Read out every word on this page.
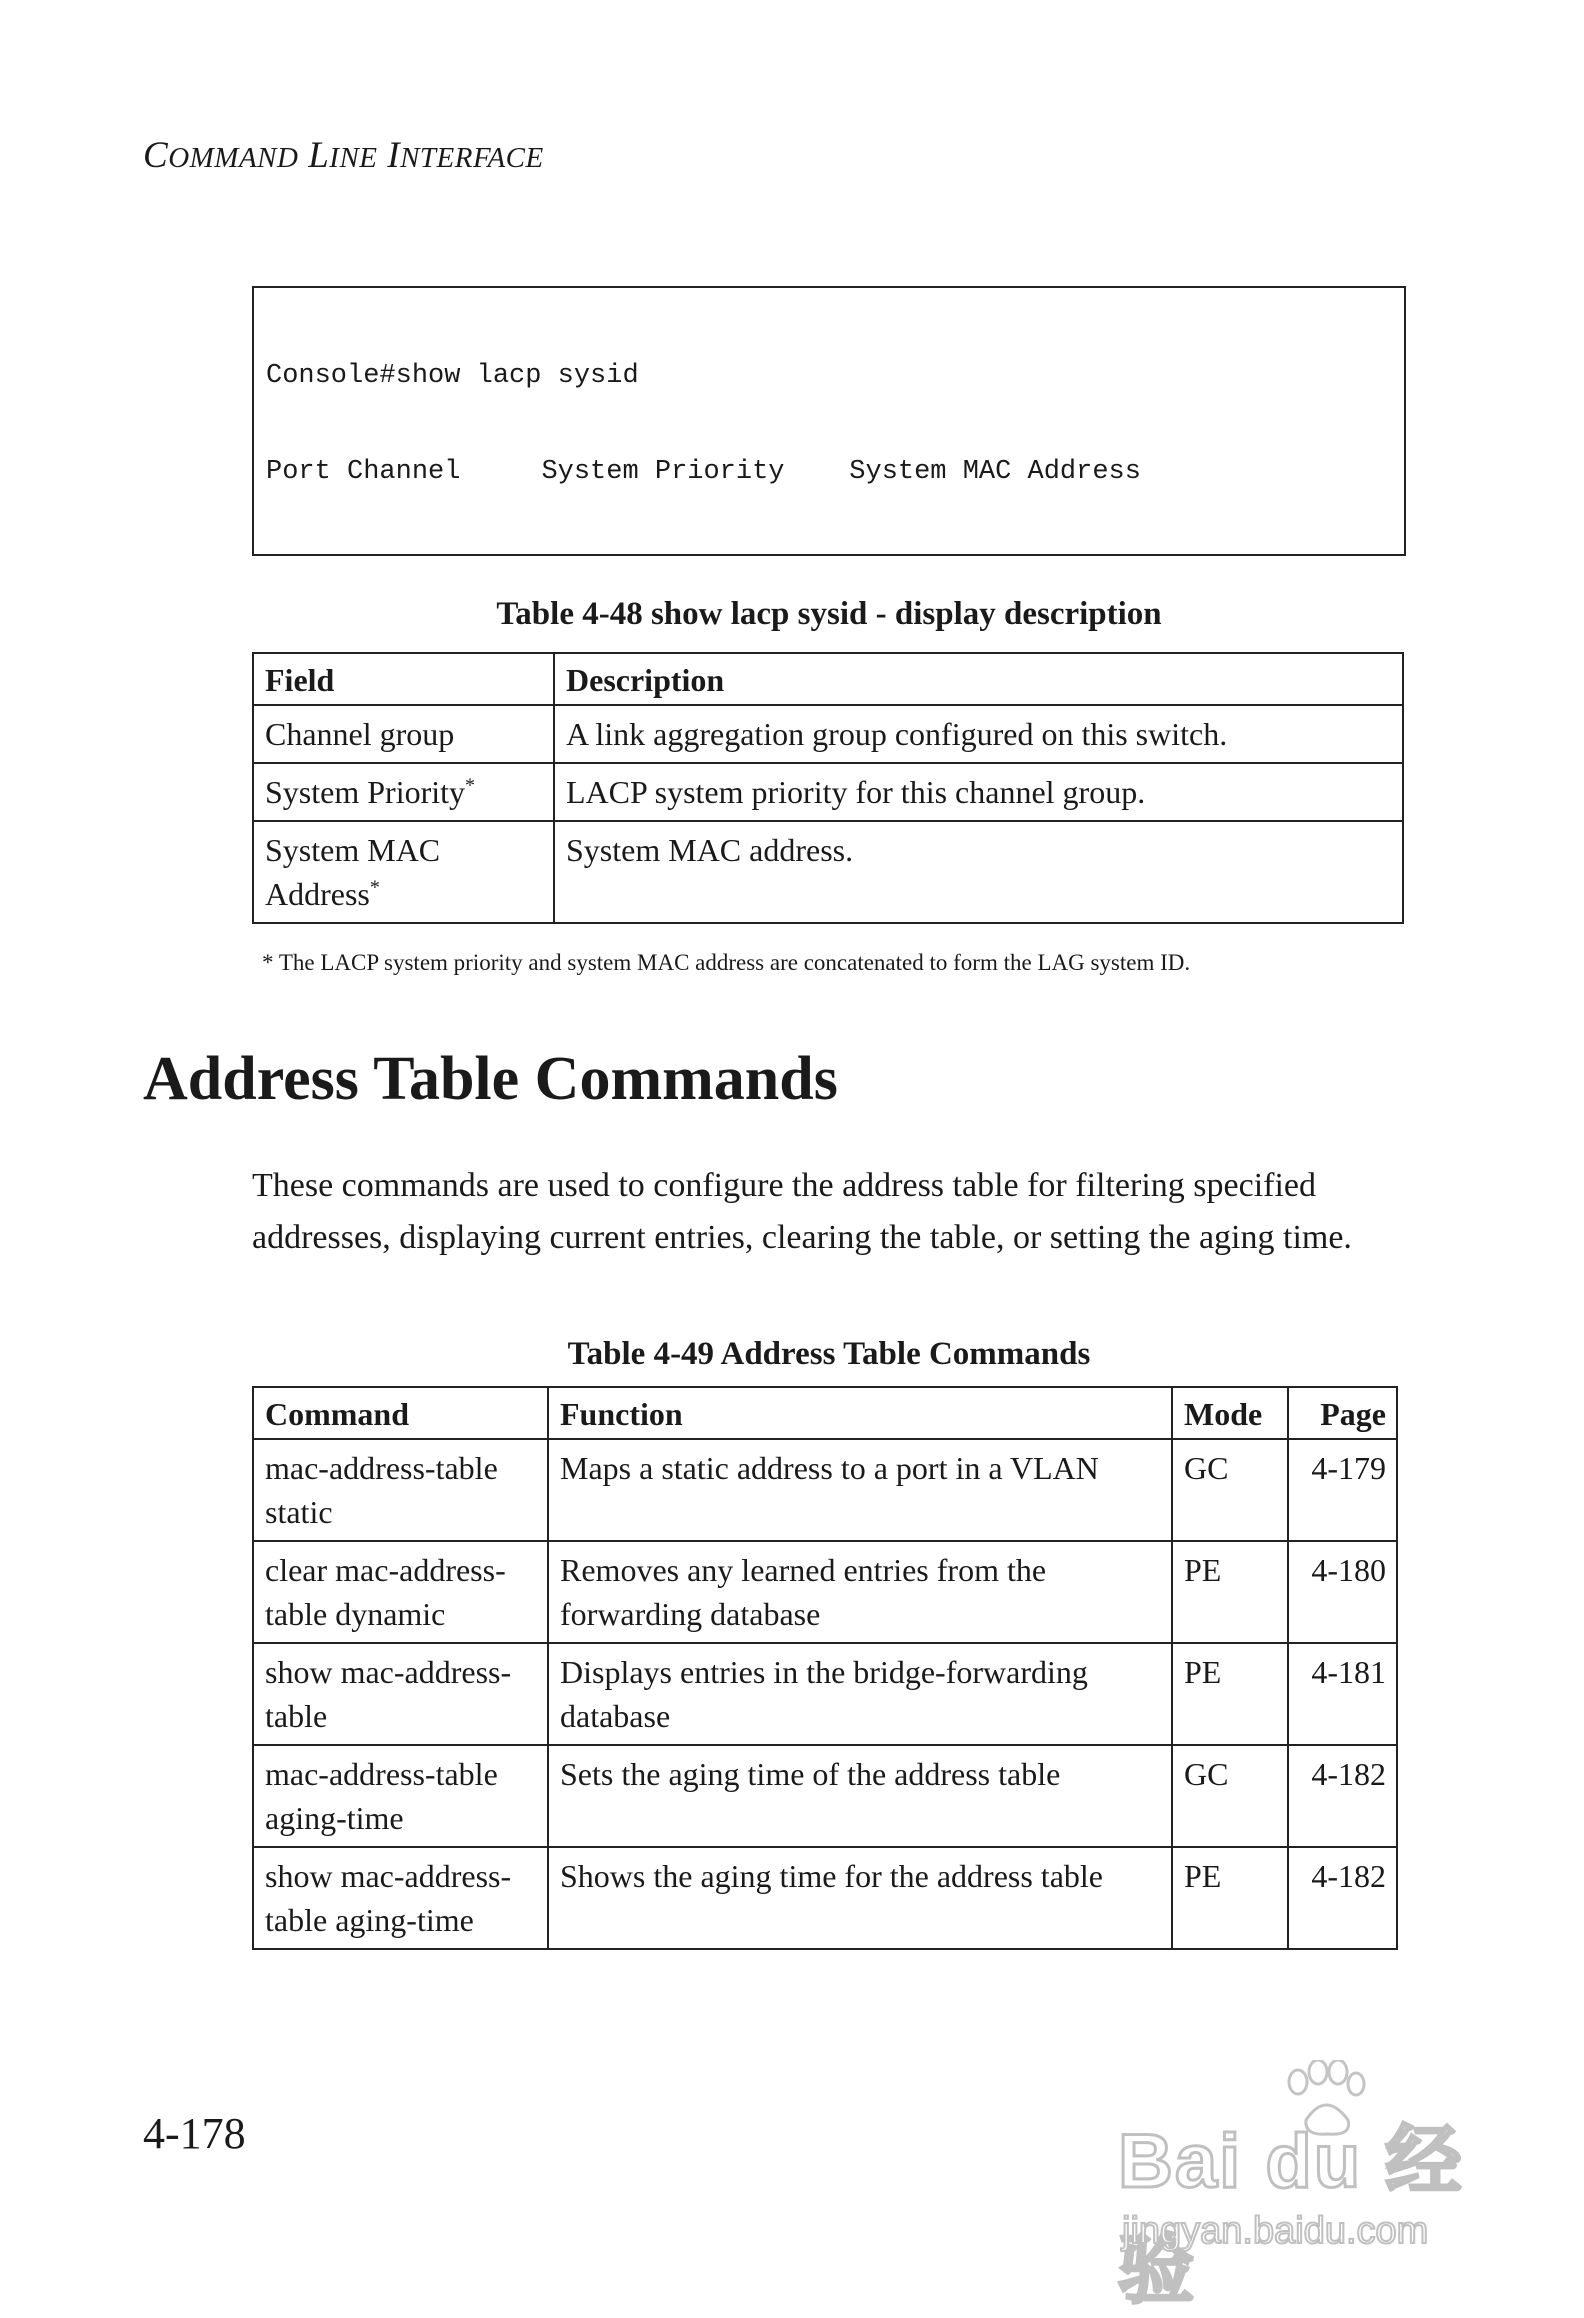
COMMAND LINE INTERFACE

Console#show lacp sysid

Port Channel     System Priority    System MAC Address

Table 4-48 show lacp sysid - display description
Field	Description
Channel group	A link aggregation group configured on this switch.
System Priority*	LACP system priority for this channel group.
System MAC Address*	System MAC address.
* The LACP system priority and system MAC address are concatenated to form the LAG system ID.
Address Table Commands

These commands are used to configure the address table for filtering specified addresses, displaying current entries, clearing the table, or setting the aging time.

Table 4-49 Address Table Commands
Command	Function	Mode	Page
mac-address-table static	Maps a static address to a port in a VLAN	GC	4-179
clear mac-address-table dynamic	Removes any learned entries from the forwarding database	PE	4-180
show mac-address-table	Displays entries in the bridge-forwarding database	PE	4-181
mac-address-table aging-time	Sets the aging time of the address table	GC	4-182
show mac-address-table aging-time	Shows the aging time for the address table	PE	4-182
4-178	Bai du 经验
jingyan.baidu.com
